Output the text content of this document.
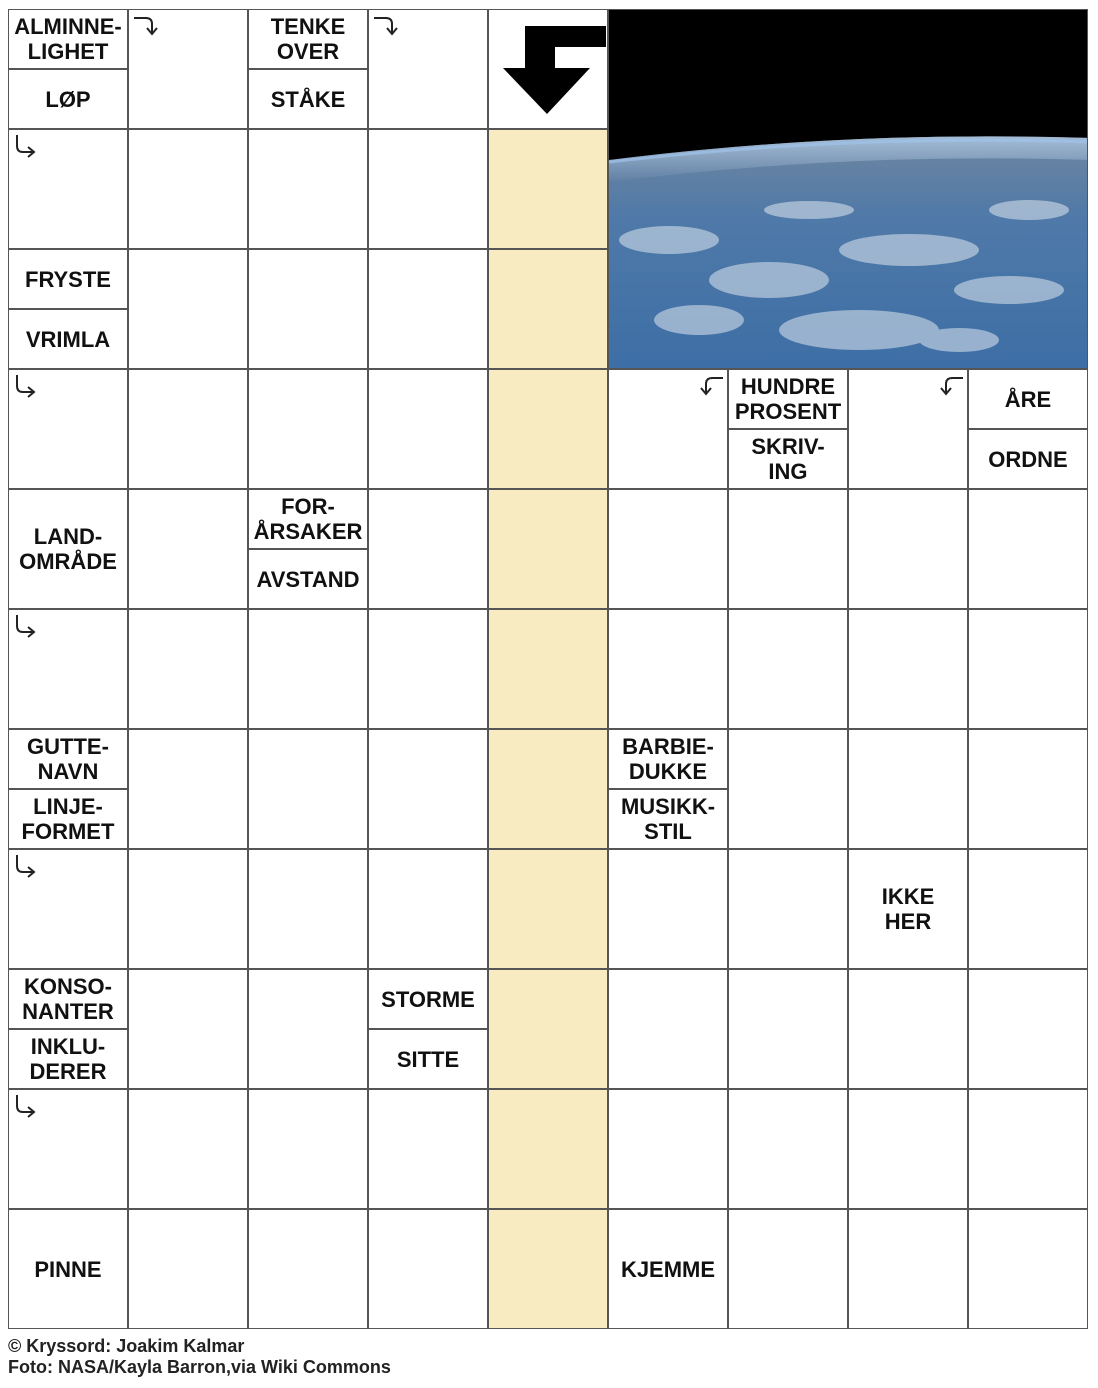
ALMINNE-
LIGHET
LØP
TENKE
OVER
STÅKE
FRYSTE
VRIMLA
HUNDRE
PROSENT
SKRIV-
ING
ÅRE
ORDNE
LAND-
OMRÅDE
FOR-
ÅRSAKER
AVSTAND
GUTTE-
NAVN
LINJE-
FORMET
BARBIE-
DUKKE
MUSIKK-
STIL
IKKE
HER
KONSO-
NANTER
INKLU-
DERER
STORME
SITTE
PINNE	KJEMME
© Kryssord: Joakim Kalmar
Foto: NASA/Kayla Barron,via Wiki Commons
